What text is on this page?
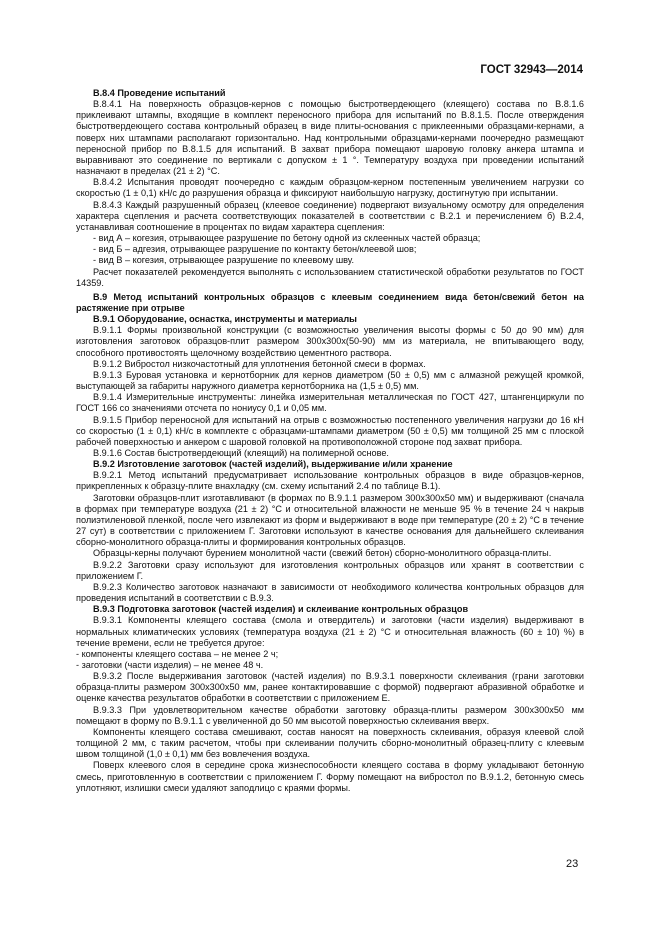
ГОСТ 32943—2014

В.8.4 Проведение испытаний

В.8.4.1 На поверхность образцов-кернов с помощью быстротвердеющего (клеящего) состава по В.8.1.6 приклеивают штампы, входящие в комплект переносного прибора для испытаний по В.8.1.5. После отверждения быстротвердеющего состава контрольный образец в виде плиты-основания с приклеенными образцами-кернами, а поверх них штампами располагают горизонтально. Над контрольными образцами-кернами поочередно размещают переносной прибор по В.8.1.5 для испытаний. В захват прибора помещают шаровую головку анкера штампа и выравнивают это соединение по вертикали с допуском ± 1 °. Температуру воздуха при проведении испытаний назначают в пределах (21 ± 2) °С.

В.8.4.2 Испытания проводят поочередно с каждым образцом-керном постепенным увеличением нагрузки со скоростью (1 ± 0,1) кН/с до разрушения образца и фиксируют наибольшую нагрузку, достигнутую при испытании.

В.8.4.3 Каждый разрушенный образец (клеевое соединение) подвергают визуальному осмотру для определения характера сцепления и расчета соответствующих показателей в соответствии с В.2.1 и перечислением б) В.2.4, устанавливая соотношение в процентах по видам характера сцепления:

- вид А – когезия, отрывающее разрушение по бетону одной из склеенных частей образца;

- вид Б – адгезия, отрывающее разрушение по контакту бетон/клеевой шов;

- вид В – когезия, отрывающее разрушение по клеевому шву.

Расчет показателей рекомендуется выполнять с использованием статистической обработки результатов по ГОСТ 14359.

В.9 Метод испытаний контрольных образцов с клеевым соединением вида бетон/свежий бетон на растяжение при отрыве

В.9.1 Оборудование, оснастка, инструменты и материалы

В.9.1.1 Формы произвольной конструкции (с возможностью увеличения высоты формы с 50 до 90 мм) для изготовления заготовок образцов-плит размером 300х300х(50-90) мм из материала, не впитывающего воду, способного противостоять щелочному воздействию цементного раствора.

В.9.1.2 Вибростол низкочастотный для уплотнения бетонной смеси в формах.

В.9.1.3 Буровая установка и кернотборник для кернов диаметром (50 ± 0,5) мм с алмазной режущей кромкой, выступающей за габариты наружного диаметра кернотборника на (1,5 ± 0,5) мм.

В.9.1.4 Измерительные инструменты: линейка измерительная металлическая по ГОСТ 427, штангенциркули по ГОСТ 166 со значениями отсчета по нониусу 0,1 и 0,05 мм.

В.9.1.5 Прибор переносной для испытаний на отрыв с возможностью постепенного увеличения нагрузки до 16 кН со скоростью (1 ± 0,1) кН/с в комплекте с образцами-штампами диаметром (50 ± 0,5) мм толщиной 25 мм с плоской рабочей поверхностью и анкером с шаровой головкой на противоположной стороне под захват прибора.

В.9.1.6 Состав быстротвердеющий (клеящий) на полимерной основе.

В.9.2 Изготовление заготовок (частей изделий), выдерживание и/или хранение

В.9.2.1 Метод испытаний предусматривает использование контрольных образцов в виде образцов-кернов, прикрепленных к образцу-плите внахладку (см. схему испытаний 2.4 по таблице В.1).

Заготовки образцов-плит изготавливают (в формах по В.9.1.1 размером 300х300х50 мм) и выдерживают (сначала в формах при температуре воздуха (21 ± 2) °С и относительной влажности не меньше 95 % в течение 24 ч накрыв полиэтиленовой пленкой, после чего извлекают из форм и выдерживают в воде при температуре (20 ± 2) °С в течение 27 сут) в соответствии с приложением Г. Заготовки используют в качестве основания для дальнейшего склеивания сборно-монолитного образца-плиты и формирования контрольных образцов.

Образцы-керны получают бурением монолитной части (свежий бетон) сборно-монолитного образца-плиты.

В.9.2.2 Заготовки сразу используют для изготовления контрольных образцов или хранят в соответствии с приложением Г.

В.9.2.3 Количество заготовок назначают в зависимости от необходимого количества контрольных образцов для проведения испытаний в соответствии с В.9.3.

В.9.3 Подготовка заготовок (частей изделия) и склеивание контрольных образцов

В.9.3.1 Компоненты клеящего состава (смола и отвердитель) и заготовки (части изделия) выдерживают в нормальных климатических условиях (температура воздуха (21 ± 2) °С и относительная влажность (60 ± 10) %) в течение времени, если не требуется другое:

- компоненты клеящего состава – не менее 2 ч;

- заготовки (части изделия) – не менее 48 ч.

В.9.3.2 После выдерживания заготовок (частей изделия) по В.9.3.1 поверхности склеивания (грани заготовки образца-плиты размером 300х300х50 мм, ранее контактировавшие с формой) подвергают абразивной обработке и оценке качества результатов обработки в соответствии с приложением Е.

В.9.3.3 При удовлетворительном качестве обработки заготовку образца-плиты размером 300х300х50 мм помещают в форму по В.9.1.1 с увеличенной до 50 мм высотой поверхностью склеивания вверх.

Компоненты клеящего состава смешивают, состав наносят на поверхность склеивания, образуя клеевой слой толщиной 2 мм, с таким расчетом, чтобы при склеивании получить сборно-монолитный образец-плиту с клеевым швом толщиной (1,0 ± 0,1) мм без вовлечения воздуха.

Поверх клеевого слоя в середине срока жизнеспособности клеящего состава в форму укладывают бетонную смесь, приготовленную в соответствии с приложением Г. Форму помещают на вибростол по В.9.1.2, бетонную смесь уплотняют, излишки смеси удаляют заподлицо с краями формы.

23
